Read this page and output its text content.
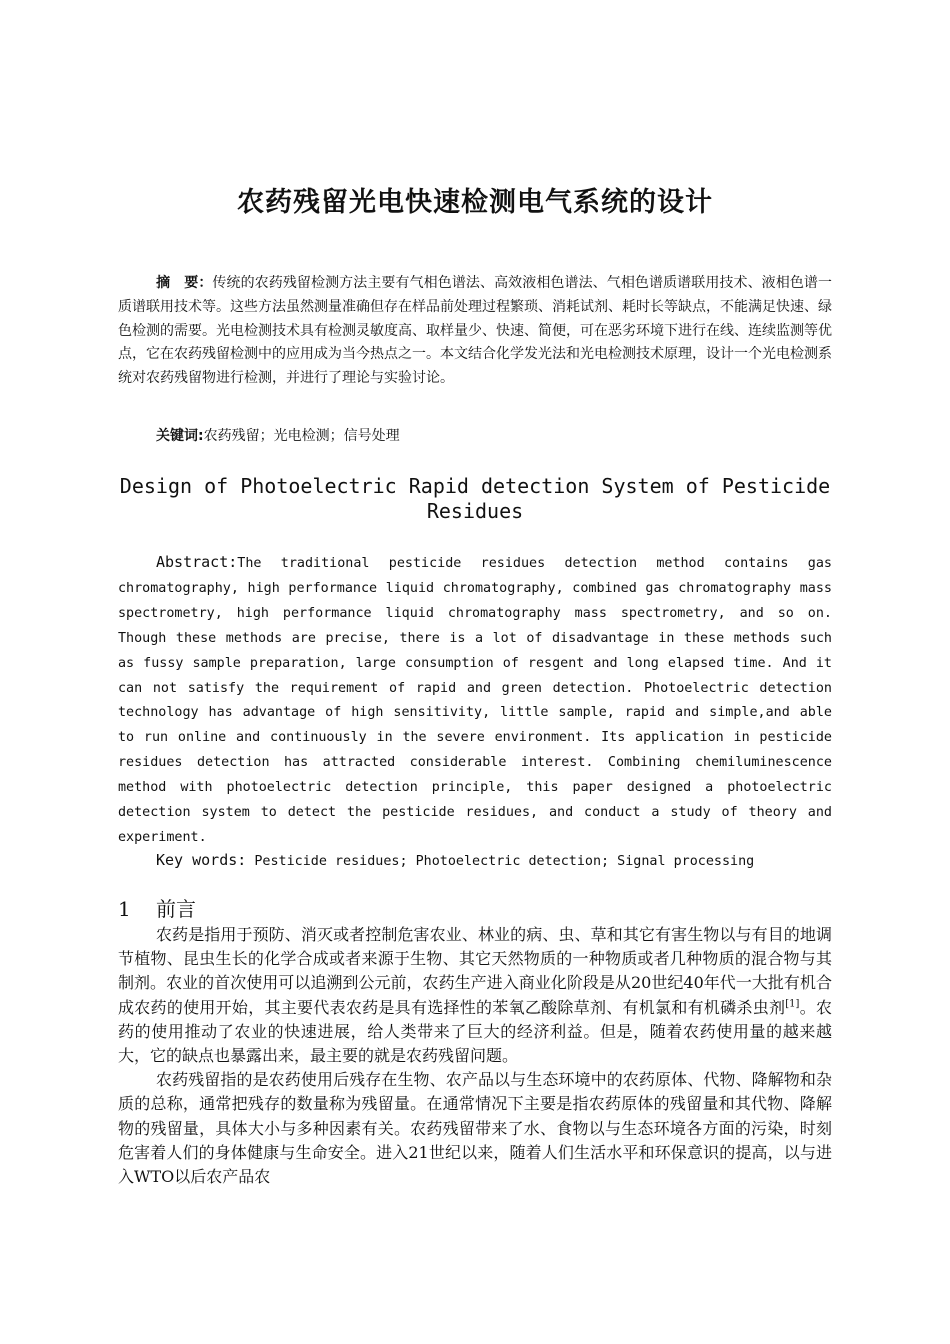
农药残留光电快速检测电气系统的设计
摘　要：传统的农药残留检测方法主要有气相色谱法、高效液相色谱法、气相色谱质谱联用技术、液相色谱一质谱联用技术等。这些方法虽然测量准确但存在样品前处理过程繁琐、消耗试剂、耗时长等缺点，不能满足快速、绿色检测的需要。光电检测技术具有检测灵敏度高、取样量少、快速、简便，可在恶劣环境下进行在线、连续监测等优点，它在农药残留检测中的应用成为当今热点之一。本文结合化学发光法和光电检测技术原理，设计一个光电检测系统对农药残留物进行检测，并进行了理论与实验讨论。
关键词:农药残留；光电检测；信号处理
Design of Photoelectric Rapid detection System of Pesticide Residues
Abstract:The traditional pesticide residues detection method contains gas chromatography, high performance liquid chromatography, combined gas chromatography mass spectrometry, high performance liquid chromatography mass spectrometry, and so on. Though these methods are precise, there is a lot of disadvantage in these methods such as fussy sample preparation, large consumption of resgent and long elapsed time. And it can not satisfy the requirement of rapid and green detection. Photoelectric detection technology has advantage of high sensitivity, little sample, rapid and simple,and able to run online and continuously in the severe environment. Its application in pesticide residues detection has attracted considerable interest. Combining chemiluminescence method with photoelectric detection principle, this paper designed a photoelectric detection system to detect the pesticide residues, and conduct a study of theory and experiment.
Key words: Pesticide residues; Photoelectric detection; Signal processing
1 前言

农药是指用于预防、消灭或者控制危害农业、林业的病、虫、草和其它有害生物以与有目的地调节植物、昆虫生长的化学合成或者来源于生物、其它天然物质的一种物质或者几种物质的混合物与其制剂。农业的首次使用可以追溯到公元前，农药生产进入商业化阶段是从20世纪40年代一大批有机合成农药的使用开始，其主要代表农药是具有选择性的苯氧乙酸除草剂、有机氯和有机磷杀虫剂[1]。农药的使用推动了农业的快速进展，给人类带来了巨大的经济利益。但是，随着农药使用量的越来越大，它的缺点也暴露出来，最主要的就是农药残留问题。

农药残留指的是农药使用后残存在生物、农产品以与生态环境中的农药原体、代物、降解物和杂质的总称，通常把残存的数量称为残留量。在通常情况下主要是指农药原体的残留量和其代物、降解物的残留量，具体大小与多种因素有关。农药残留带来了水、食物以与生态环境各方面的污染，时刻危害着人们的身体健康与生命安全。进入21世纪以来，随着人们生活水平和环保意识的提高，以与进入WTO以后农产品农
